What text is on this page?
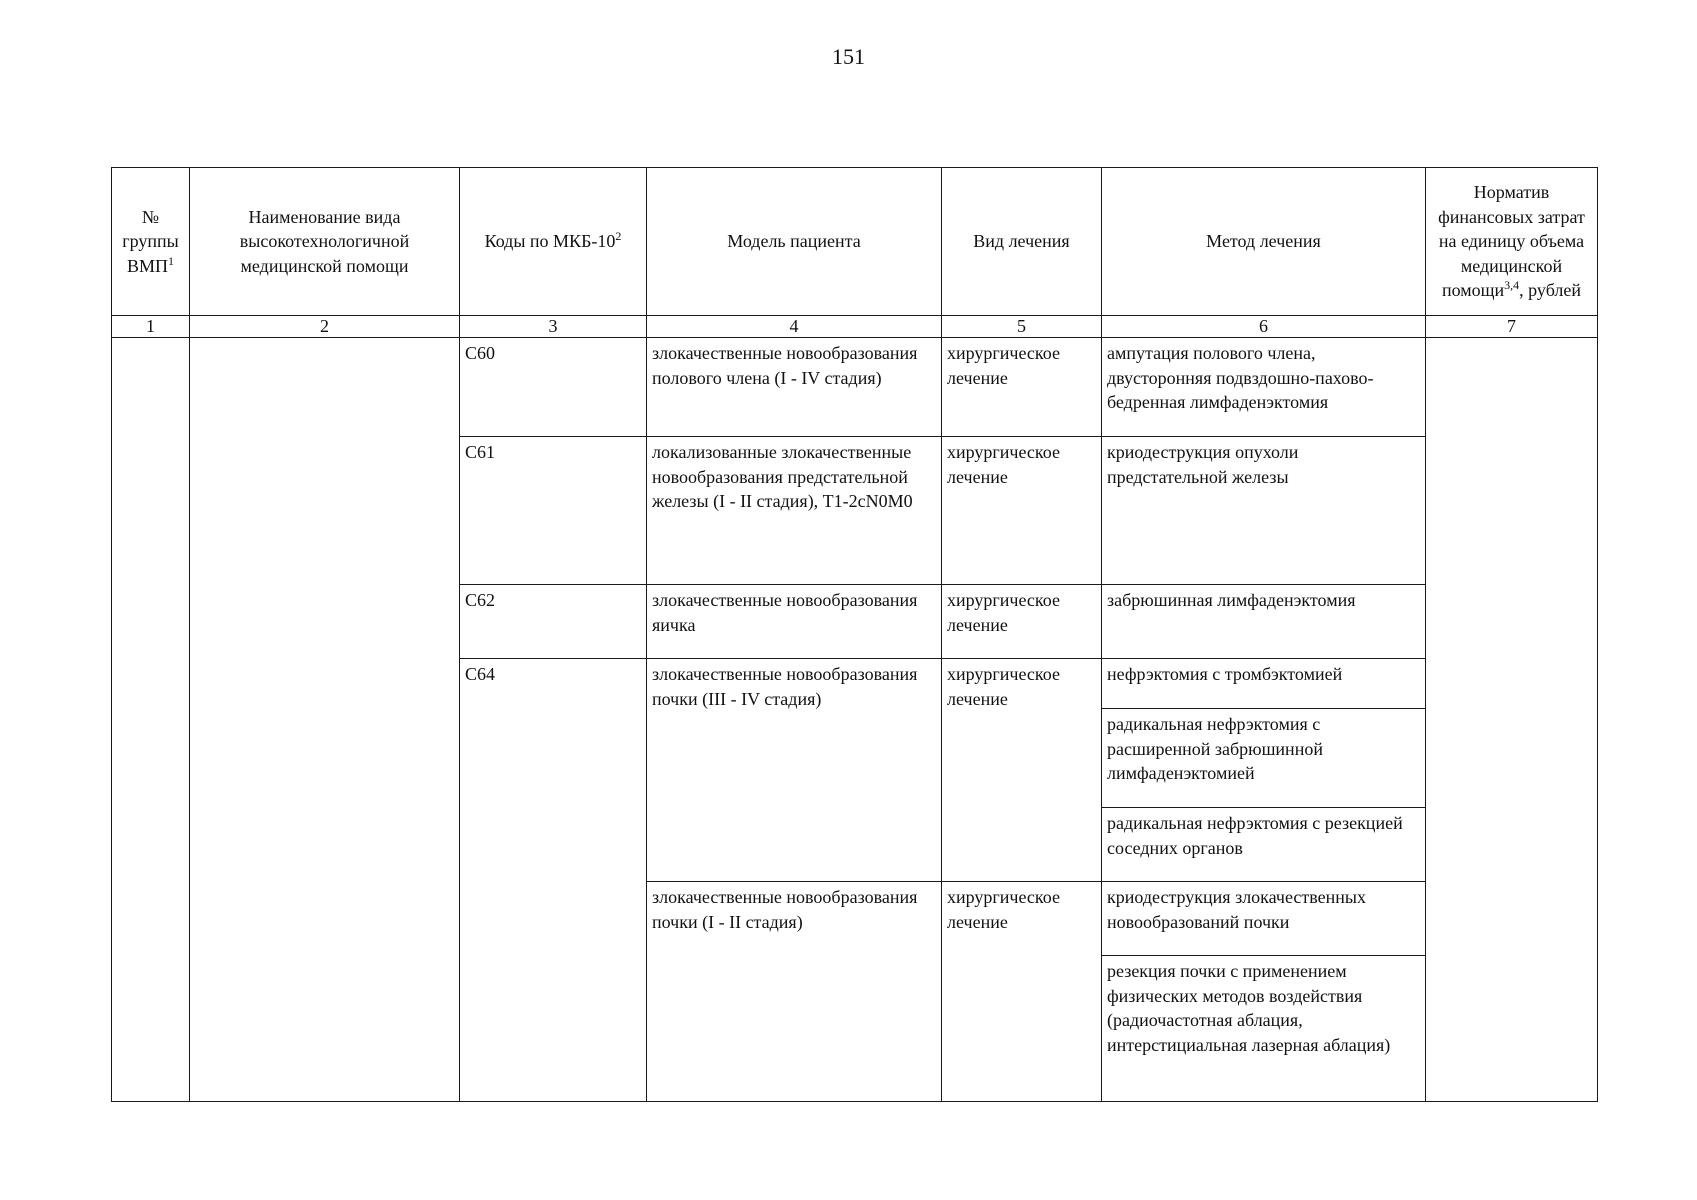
151
№ группы ВМП$^1$	Наименование вида высокотехнологичной медицинской помощи	Коды по МКБ-$10^2$	Модель пациента	Вид лечения	Метод лечения	Норматив финансовых затрат на единицу объема медицинской помощи$^{3,4}$, рублей
1	2	3	4	5	6	7
		C60	злокачественные новообразования полового члена (I - IV стадия)	хирургическое лечение	ампутация полового члена, двусторонняя подвздошно-пахово-бедренная лимфаденэктомия	
		C61	локализованные злокачественные новообразования предстательной железы (I - II стадия), T1-2cN0M0	хирургическое лечение	криодеструкция опухоли предстательной железы	
		C62	злокачественные новообразования яичка	хирургическое лечение	забрюшинная лимфаденэктомия	
		C64	злокачественные новообразования почки (III - IV стадия)	хирургическое лечение	нефрэктомия с тромбэктомией	
					радикальная нефрэктомия с расширенной забрюшинной лимфаденэктомией	
					радикальная нефрэктомия с резекцией соседних органов	
			злокачественные новообразования почки (I - II стадия)	хирургическое лечение	криодеструкция злокачественных новообразований почки	
					резекция почки с применением физических методов воздействия (радиочастотная аблация, интерстициальная лазерная аблация)	
